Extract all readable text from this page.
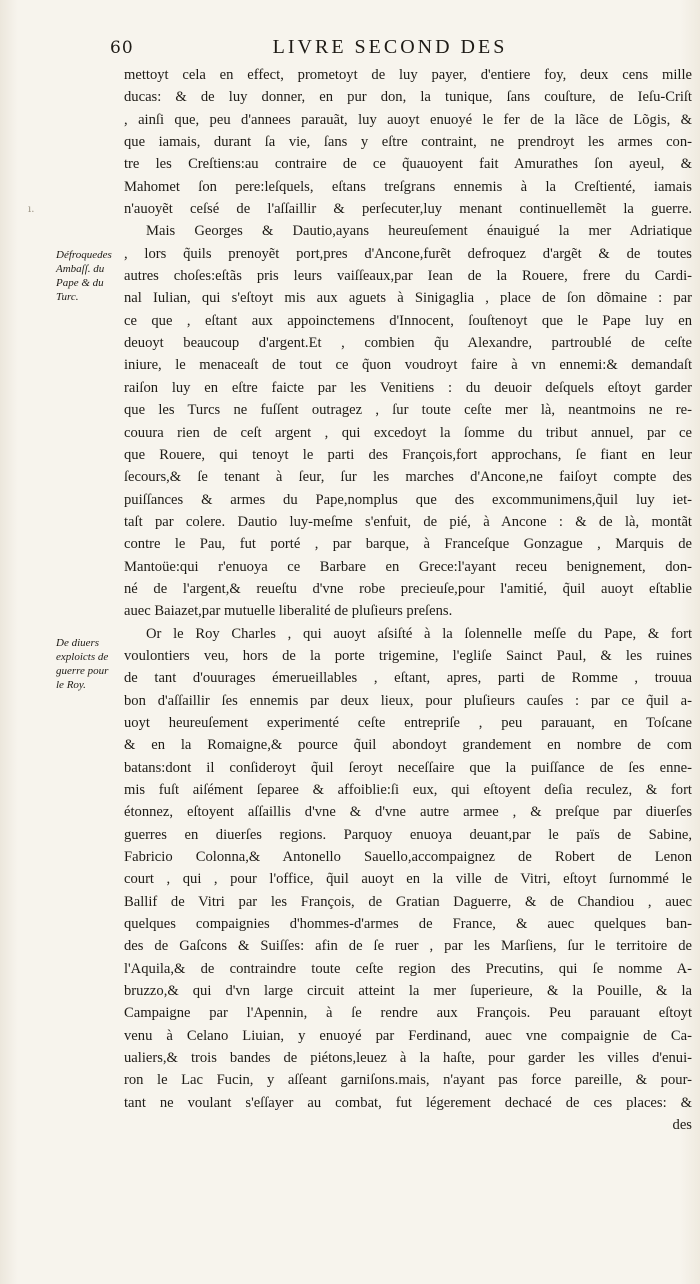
60	LIVRE SECOND DES
ı.
Défroquedes
Ambaſſ. du
Pape & du
Turc.
De diuers
exploicts de
guerre pour
le Roy.
mettoyt cela en effect, prometoyt de luy payer, d'entiere foy, deux cens mille
ducas: & de luy donner, en pur don, la tunique, ſans couſture, de Ieſu-Criſt
, ainſi que, peu d'annees parauãt, luy auoyt enuoyé le fer de la lãce de Lõgis, &
que iamais, durant ſa vie, ſans y eſtre contraint, ne prendroyt les armes con-
tre les Creſtiens:au contraire de ce q̃uauoyent fait Amurathes ſon ayeul, &
Mahomet ſon pere:leſquels, eſtans treſgrans ennemis à la Creſtienté, iamais
n'auoyẽt ceſsé de l'aſſaillir & perſecuter,luy menant continuellemẽt la guerre.
Mais Georges & Dautio,ayans heureuſement énauigué la mer Adriatique
, lors q̃uils prenoyẽt port,pres d'Ancone,furẽt defroquez d'argẽt & de toutes
autres choſes:eſtãs pris leurs vaiſſeaux,par Iean de la Rouere, frere du Cardi-
nal Iulian, qui s'eſtoyt mis aux aguets à Sinigaglia , place de ſon dõmaine : par
ce que , eſtant aux appoinctemens d'Innocent, ſouſtenoyt que le Pape luy en
deuoyt beaucoup d'argent.Et , combien q̃u Alexandre, partroublé de ceſte
iniure, le menaceaſt de tout ce q̃uon voudroyt faire à vn ennemi:& demandaſt
raiſon luy en eſtre faicte par les Venitiens : du deuoir deſquels eſtoyt garder
que les Turcs ne fuſſent outragez , ſur toute ceſte mer là, neantmoins ne re-
couura rien de ceſt argent , qui excedoyt la ſomme du tribut annuel, par ce
que Rouere, qui tenoyt le parti des François,fort approchans, ſe fiant en leur
ſecours,& ſe tenant à ſeur, ſur les marches d'Ancone,ne faiſoyt compte des
puiſſances & armes du Pape,nomplus que des excommunimens,q̃uil luy iet-
taſt par colere. Dautio luy-meſme s'enfuit, de pié, à Ancone : & de là, montãt
contre le Pau, fut porté , par barque, à Franceſque Gonzague , Marquis de
Mantoüe:qui r'enuoya ce Barbare en Grece:l'ayant receu benignement, don-
né de l'argent,& reueſtu d'vne robe precieuſe,pour l'amitié, q̃uil auoyt eſtablie
auec Baiazet,par mutuelle liberalité de pluſieurs preſens.
Or le Roy Charles , qui auoyt aſsiſté à la ſolennelle meſſe du Pape, & fort
voulontiers veu, hors de la porte trigemine, l'egliſe Sainct Paul, & les ruines
de tant d'ouurages émerueillables , eſtant, apres, parti de Romme , trouua
bon d'aſſaillir ſes ennemis par deux lieux, pour pluſieurs cauſes : par ce q̃uil a-
uoyt heureuſement experimenté ceſte entrepriſe , peu parauant, en Toſcane
& en la Romaigne,& pource q̃uil abondoyt grandement en nombre de com
batans:dont il conſideroyt q̃uil ſeroyt neceſſaire que la puiſſance de ſes enne-
mis fuſt aiſément ſeparee & affoiblie:ſi eux, qui eſtoyent deſia reculez, & fort
étonnez, eſtoyent aſſaillis d'vne & d'vne autre armee , & preſque par diuerſes
guerres en diuerſes regions. Parquoy enuoya deuant,par le païs de Sabine,
Fabricio Colonna,& Antonello Sauello,accompaignez de Robert de Lenon
court , qui , pour l'office, q̃uil auoyt en la ville de Vitri, eſtoyt ſurnommé le
Ballif de Vitri par les François, de Gratian Daguerre, & de Chandiou , auec
quelques compaignies d'hommes-d'armes de France, & auec quelques ban-
des de Gaſcons & Suiſſes: afin de ſe ruer , par les Marſiens, ſur le territoire de
l'Aquila,& de contraindre toute ceſte region des Precutins, qui ſe nomme A-
bruzzo,& qui d'vn large circuit atteint la mer ſuperieure, & la Pouille, & la
Campaigne par l'Apennin, à ſe rendre aux François. Peu parauant eſtoyt
venu à Celano Liuian, y enuoyé par Ferdinand, auec vne compaignie de Ca-
ualiers,& trois bandes de piétons,leuez à la haſte, pour garder les villes d'enui-
ron le Lac Fucin, y aſſeant garniſons.mais, n'ayant pas force pareille, & pour-
tant ne voulant s'eſſayer au combat, fut légerement dechacé de ces places: &
des
